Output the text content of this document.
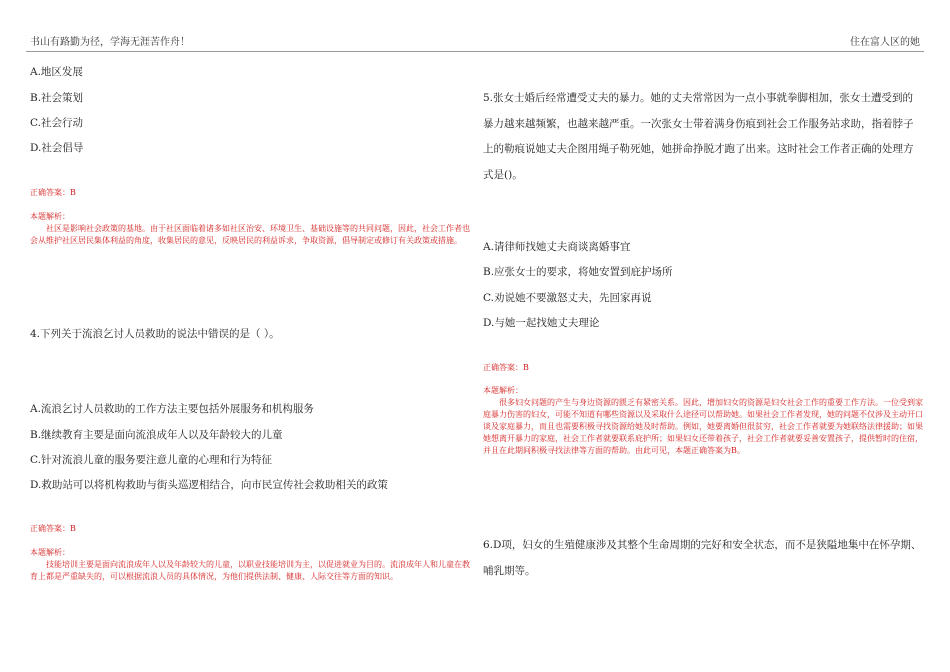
书山有路勤为径，学海无涯苦作舟！	住在富人区的她
A.地区发展
B.社会策划
C.社会行动
D.社会倡导
正确答案：B
本题解析：
社区是影响社会政策的基地。由于社区面临着诸多如社区治安、环境卫生、基础设施等的共同问题，因此，社会工作者也会从维护社区居民集体利益的角度，收集居民的意见，反映居民的利益诉求，争取资源，倡导制定或修订有关政策或措施。
4.下列关于流浪乞讨人员救助的说法中错误的是（ ）。
A.流浪乞讨人员救助的工作方法主要包括外展服务和机构服务
B.继续教育主要是面向流浪成年人以及年龄较大的儿童
C.针对流浪儿童的服务要注意儿童的心理和行为特征
D.救助站可以将机构救助与街头巡逻相结合，向市民宣传社会救助相关的政策
正确答案：B
本题解析：
技能培训主要是面向流浪成年人以及年龄较大的儿童，以职业技能培训为主，以促进就业为目的。流浪成年人和儿童在教育上都是严重缺失的，可以根据流浪人员的具体情况，为他们提供法制、健康、人际交往等方面的知识。
5.张女士婚后经常遭受丈夫的暴力。她的丈夫常常因为一点小事就拳脚相加，张女士遭受到的暴力越来越频繁，也越来越严重。一次张女士带着满身伤痕到社会工作服务站求助，指着脖子上的勒痕说她丈夫企图用绳子勒死她，她拼命挣脱才跑了出来。这时社会工作者正确的处理方式是()。
A.请律师找她丈夫商谈离婚事宜
B.应张女士的要求，将她安置到庇护场所
C.劝说她不要激怒丈夫，先回家再说
D.与她一起找她丈夫理论
正确答案：B
本题解析：
很多妇女问题的产生与身边资源的匮乏有紧密关系。因此，增加妇女的资源是妇女社会工作的重要工作方法。一位受到家庭暴力伤害的妇女，可能不知道有哪些资源以及采取什么途径可以帮助她。如果社会工作者发现，她的问题不仅涉及主动开口谈及家庭暴力，而且也需要积极寻找资源给她及时帮助。例如，她要离婚但很贫穷，社会工作者就要为她联络法律援助；如果她想离开暴力的家庭，社会工作者就要联系庇护所；如果妇女还带着孩子，社会工作者就要妥善安置孩子，提供暂时的住宿，并且在此期间积极寻找法律等方面的帮助。由此可见，本题正确答案为B。
6.D项，妇女的生殖健康涉及其整个生命周期的完好和安全状态，而不是狭隘地集中在怀孕期、哺乳期等。
